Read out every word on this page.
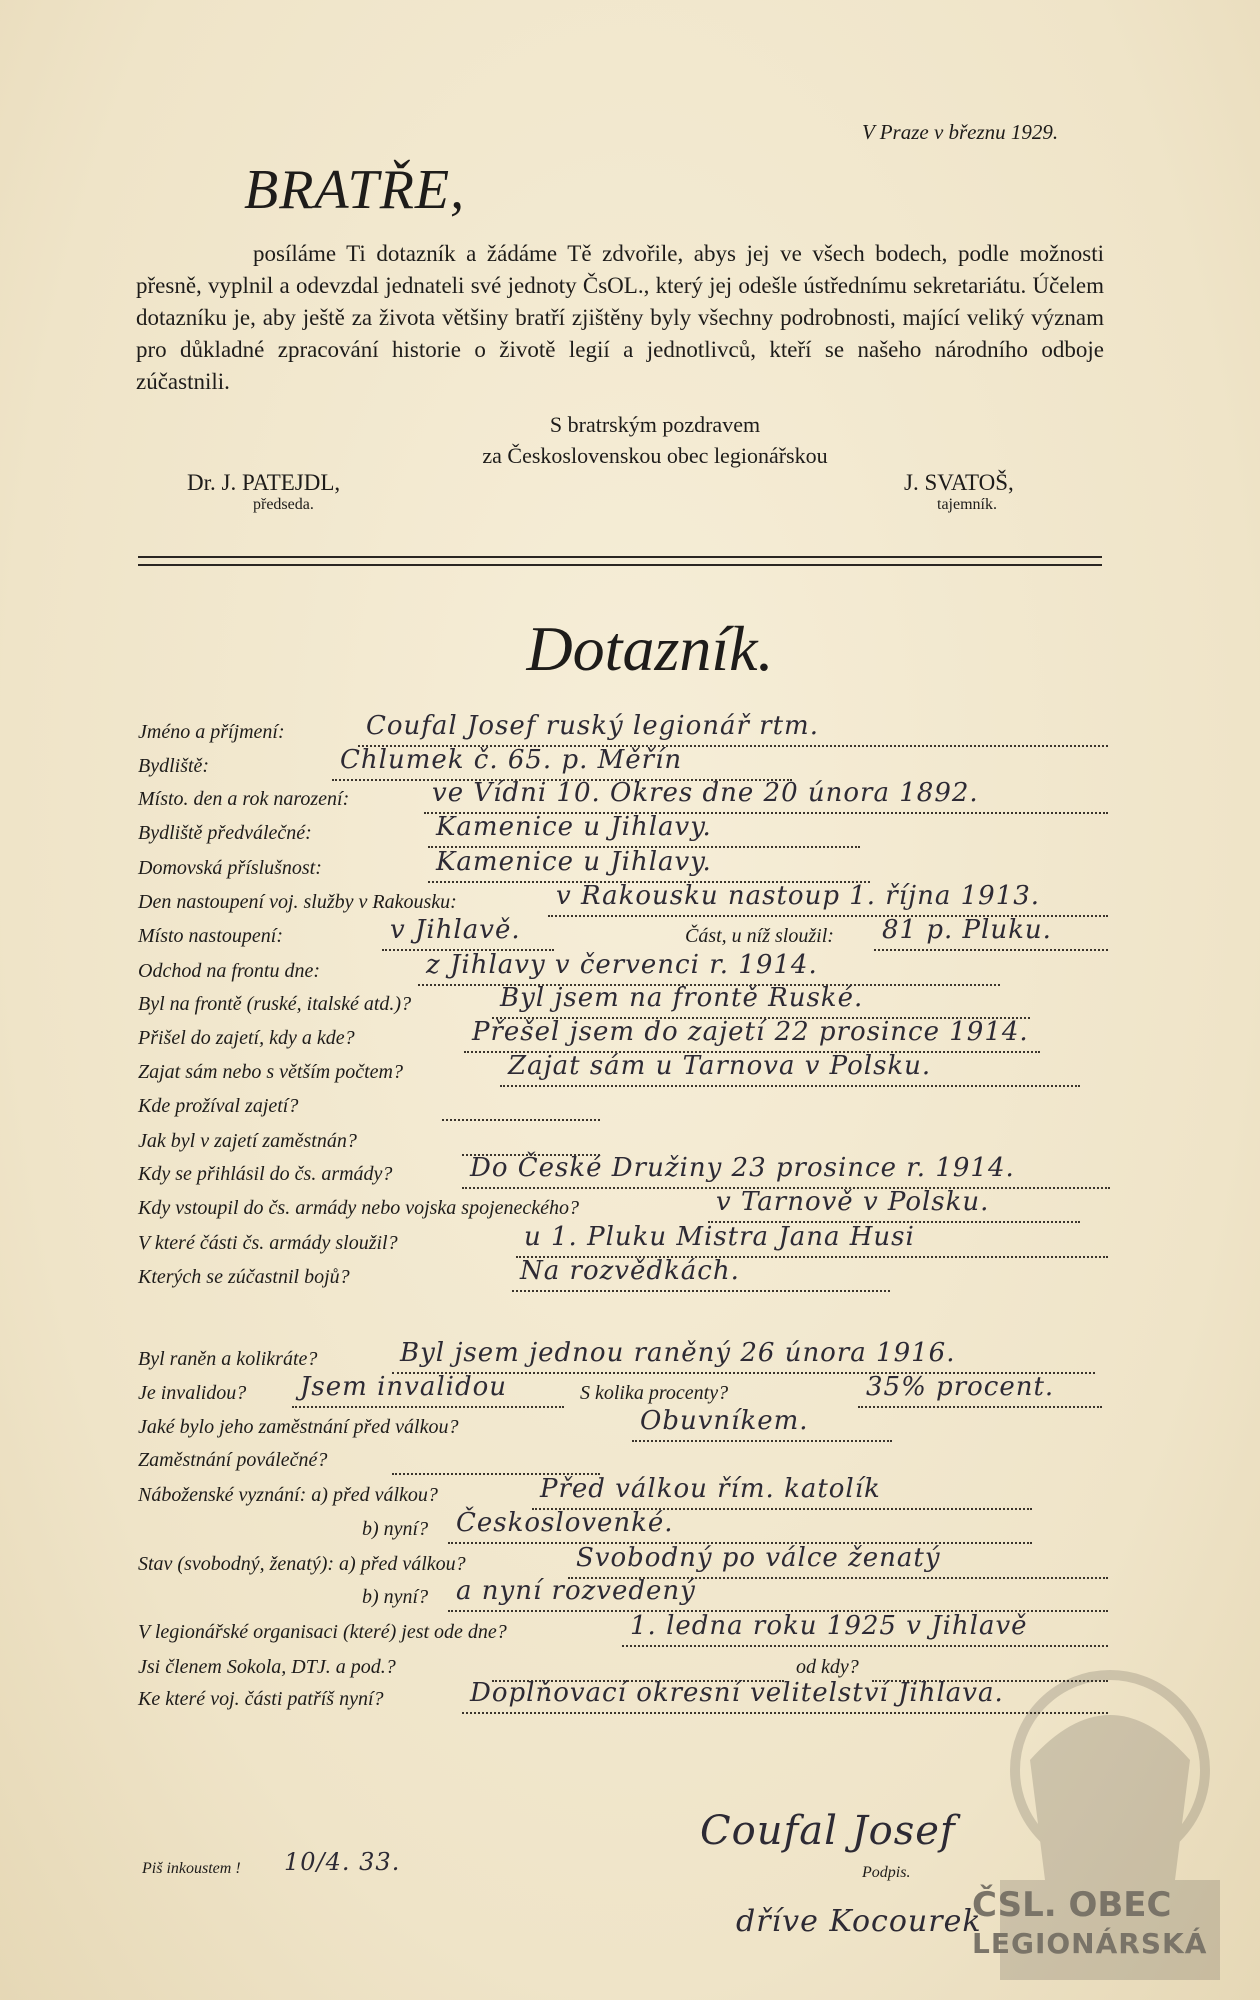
V Praze v březnu 1929.
BRATŘE,

posíláme Ti dotazník a žádáme Tě zdvořile, abys jej ve všech bodech, podle možnosti přesně, vyplnil a odevzdal jednateli své jednoty ČsOL., který jej odešle ústřednímu sekretariátu. Účelem dotazníku je, aby ještě za života většiny bratří zjištěny byly všechny podrobnosti, mající veliký význam pro důkladné zpracování historie o životě legií a jednotlivců, kteří se našeho národního odboje zúčastnili.

S bratrským pozdravem
za Československou obec legionářskou
Dr. J. PATEJDL,
předseda.
J. SVATOŠ,
tajemník.
Dotazník.
Jméno a příjmení:	Coufal Josef ruský legionář rtm.
Bydliště:	Chlumek č. 65. p. Měřín
Místo. den a rok narození:	ve Vídni 10. Okres dne 20 února 1892.
Bydliště předválečné:	Kamenice u Jihlavy.
Domovská příslušnost:	Kamenice u Jihlavy.
Den nastoupení voj. služby v Rakousku:	v Rakousku nastoup 1. října 1913.
Místo nastoupení:	v Jihlavě.	Část, u níž sloužil: 81 p. Pluku.
Odchod na frontu dne:	z Jihlavy v červenci r. 1914.
Byl na frontě (ruské, italské atd.)?	Byl jsem na frontě Ruské.
Přišel do zajetí, kdy a kde?	Přešel jsem do zajetí 22 prosince 1914.
Zajat sám nebo s větším počtem?	Zajat sám u Tarnova v Polsku.
Kde prožíval zajetí?
Jak byl v zajetí zaměstnán?
Kdy se přihlásil do čs. armády?	Do České Družiny 23 prosince r. 1914.
Kdy vstoupil do čs. armády nebo vojska spojeneckého?	v Tarnově v Polsku.
V které části čs. armády sloužil?	u 1. Pluku Mistra Jana Husi
Kterých se zúčastnil bojů?	Na rozvědkách.
Byl raněn a kolikráte?	Byl jsem jednou raněný 26 února 1916.
Je invalidou? Jsem invalidou	S kolika procenty?	35% procent.
Jaké bylo jeho zaměstnání před válkou?	Obuvníkem.
Zaměstnání poválečné?
Náboženské vyznání: a) před válkou?	Před válkou řím. katolík
b) nyní? Českoslovenké.
Stav (svobodný, ženatý): a) před válkou?	Svobodný po válce ženatý
b) nyní? a nyní rozvedený
V legionářské organisaci (které) jest ode dne?	1. ledna roku 1925 v Jihlavě
Jsi členem Sokola, DTJ. a pod.?	od kdy?
Ke které voj. části patříš nyní?	Doplňovací okresní velitelství Jihlava.
Piš inkoustem ! 10/4. 33.
Coufal Josef
Podpis.
dříve Kocourek
ČSL. OBEC
LEGIONÁRSKÁ
